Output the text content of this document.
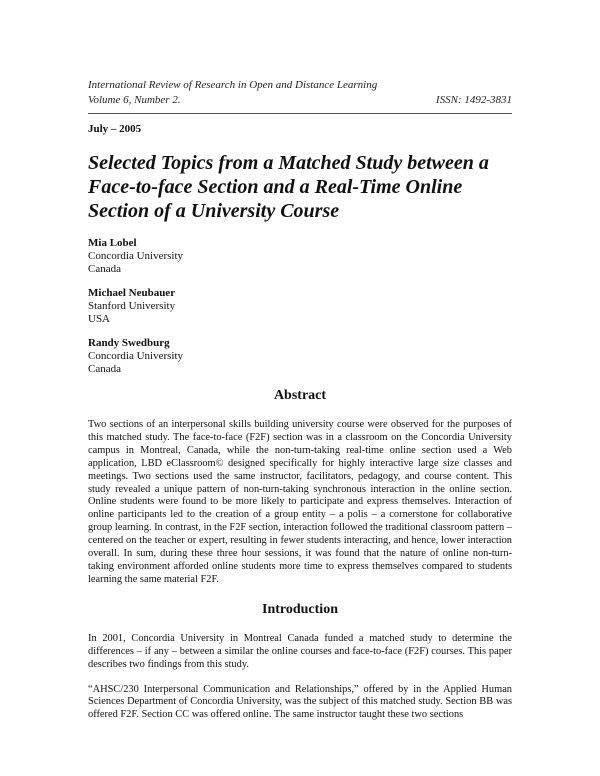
International Review of Research in Open and Distance Learning
Volume 6, Number 2.	ISSN: 1492-3831
July – 2005
Selected Topics from a Matched Study between a Face-to-face Section and a Real-Time Online Section of a University Course
Mia Lobel
Concordia University
Canada
Michael Neubauer
Stanford University
USA
Randy Swedburg
Concordia University
Canada
Abstract

Two sections of an interpersonal skills building university course were observed for the purposes of this matched study. The face-to-face (F2F) section was in a classroom on the Concordia University campus in Montreal, Canada, while the non-turn-taking real-time online section used a Web application, LBD eClassroom© designed specifically for highly interactive large size classes and meetings. Two sections used the same instructor, facilitators, pedagogy, and course content. This study revealed a unique pattern of non-turn-taking synchronous interaction in the online section. Online students were found to be more likely to participate and express themselves. Interaction of online participants led to the creation of a group entity – a polis – a cornerstone for collaborative group learning. In contrast, in the F2F section, interaction followed the traditional classroom pattern – centered on the teacher or expert, resulting in fewer students interacting, and hence, lower interaction overall. In sum, during these three hour sessions, it was found that the nature of online non-turn-taking environment afforded online students more time to express themselves compared to students learning the same material F2F.

Introduction

In 2001, Concordia University in Montreal Canada funded a matched study to determine the differences – if any – between a similar the online courses and face-to-face (F2F) courses. This paper describes two findings from this study.

“AHSC/230 Interpersonal Communication and Relationships,” offered by in the Applied Human Sciences Department of Concordia University, was the subject of this matched study. Section BB was offered F2F. Section CC was offered online. The same instructor taught these two sections
